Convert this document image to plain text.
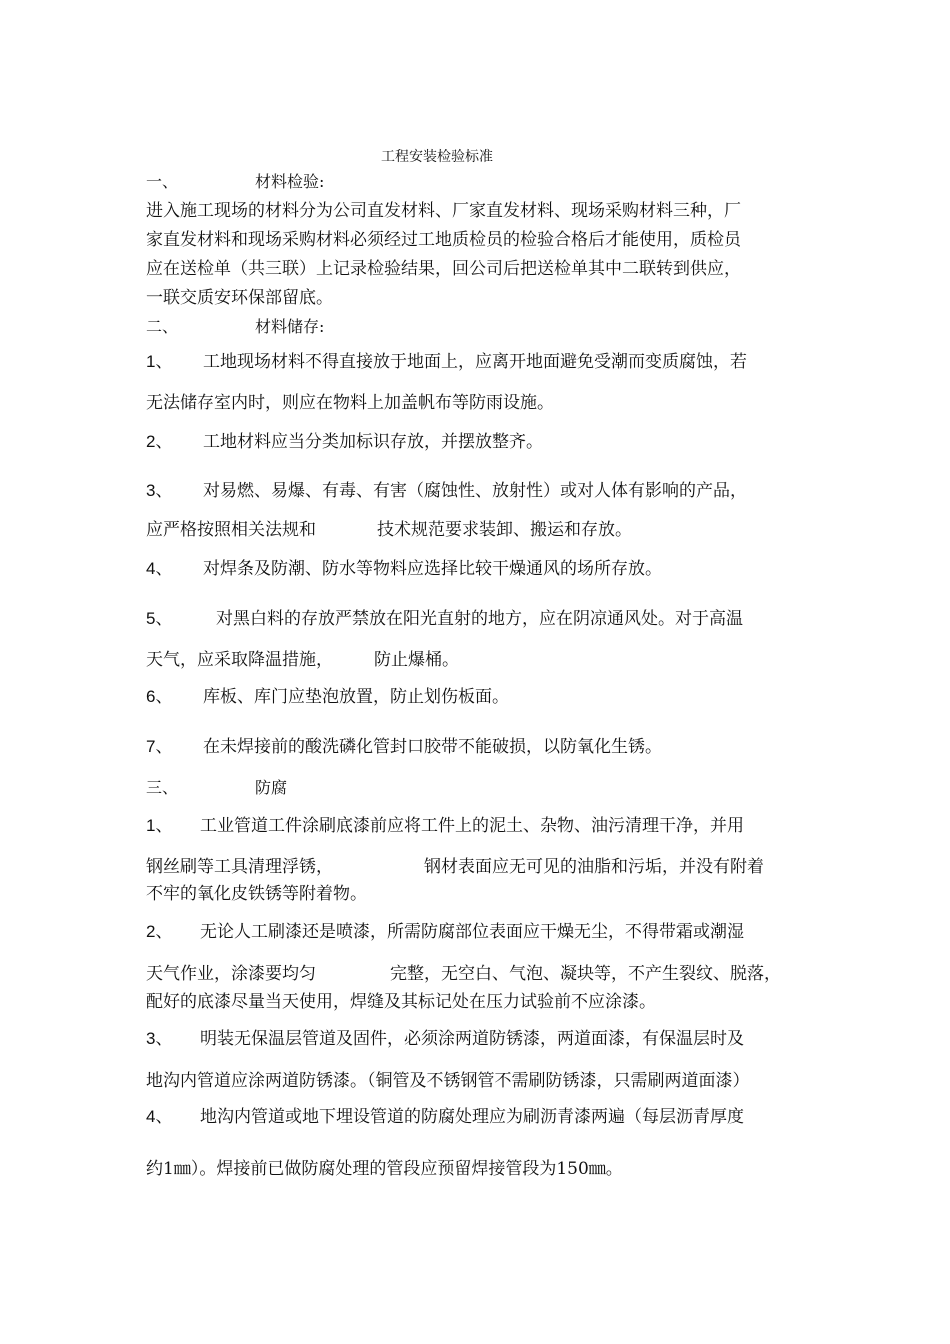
工程安装检验标准
一、	材料检验:
进入施工现场的材料分为公司直发材料、厂家直发材料、现场采购材料三种，厂
家直发材料和现场采购材料必须经过工地质检员的检验合格后才能使用，质检员
应在送检单（共三联）上记录检验结果，回公司后把送检单其中二联转到供应，
一联交质安环保部留底。
二、	材料储存:
1、 工地现场材料不得直接放于地面上，应离开地面避免受潮而变质腐蚀，若
无法储存室内时，则应在物料上加盖帆布等防雨设施。
2、 工地材料应当分类加标识存放，并摆放整齐。
3、 对易燃、易爆、有毒、有害（腐蚀性、放射性）或对人体有影响的产品，
应严格按照相关法规和	技术规范要求装卸、搬运和存放。
4、 对焊条及防潮、防水等物料应选择比较干燥通风的场所存放。
5、	对黑白料的存放严禁放在阳光直射的地方，应在阴凉通风处。对于高温
天气，应采取降温措施， 防止爆桶。
6、 库板、库门应垫泡放置，防止划伤板面。
7、 在未焊接前的酸洗磷化管封口胶带不能破损，以防氧化生锈。
三、	防腐
1、 工业管道工件涂刷底漆前应将工件上的泥土、杂物、油污清理干净，并用
钢丝刷等工具清理浮锈，	钢材表面应无可见的油脂和污垢，并没有附着
不牢的氧化皮铁锈等附着物。
2、 无论人工刷漆还是喷漆，所需防腐部位表面应干燥无尘，不得带霜或潮湿
天气作业，涂漆要均匀	完整，无空白、气泡、凝块等，不产生裂纹、脱落，
配好的底漆尽量当天使用，焊缝及其标记处在压力试验前不应涂漆。
3、 明装无保温层管道及固件，必须涂两道防锈漆，两道面漆，有保温层时及
地沟内管道应涂两道防锈漆。（铜管及不锈钢管不需刷防锈漆，只需刷两道面漆）
4、 地沟内管道或地下埋设管道的防腐处理应为刷沥青漆两遍（每层沥青厚度
约1㎜）。焊接前已做防腐处理的管段应预留焊接管段为150㎜。
